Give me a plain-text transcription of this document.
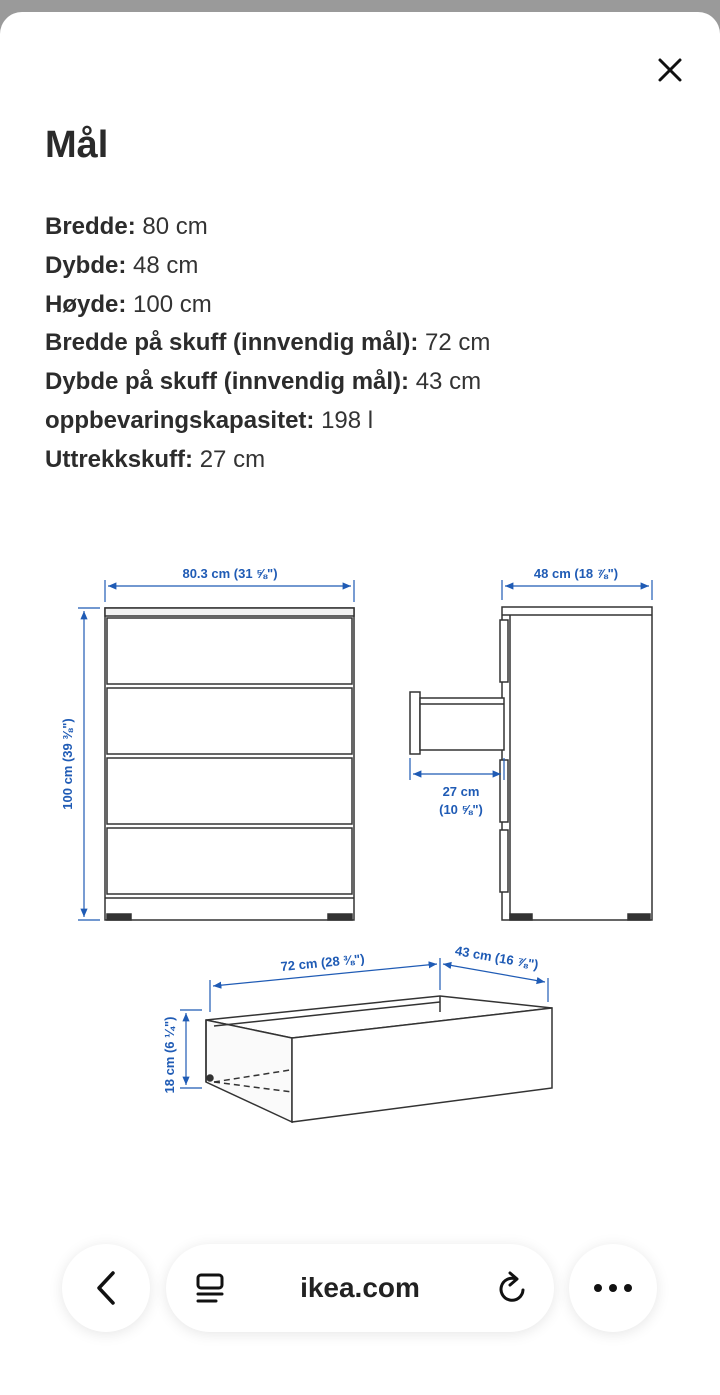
Mål
Bredde: 80 cm
Dybde: 48 cm
Høyde: 100 cm
Bredde på skuff (innvendig mål): 72 cm
Dybde på skuff (innvendig mål): 43 cm
oppbevaringskapasitet: 198 l
Uttrekkskuff: 27 cm
80.3 cm (31 ⅝")
100 cm (39 ⅜")
48 cm (18 ⅞")
27 cm
(10 ⅝")
72 cm (28 ⅜")	43 cm (16 ⅞")
18 cm (6 ¼")
ikea.com
